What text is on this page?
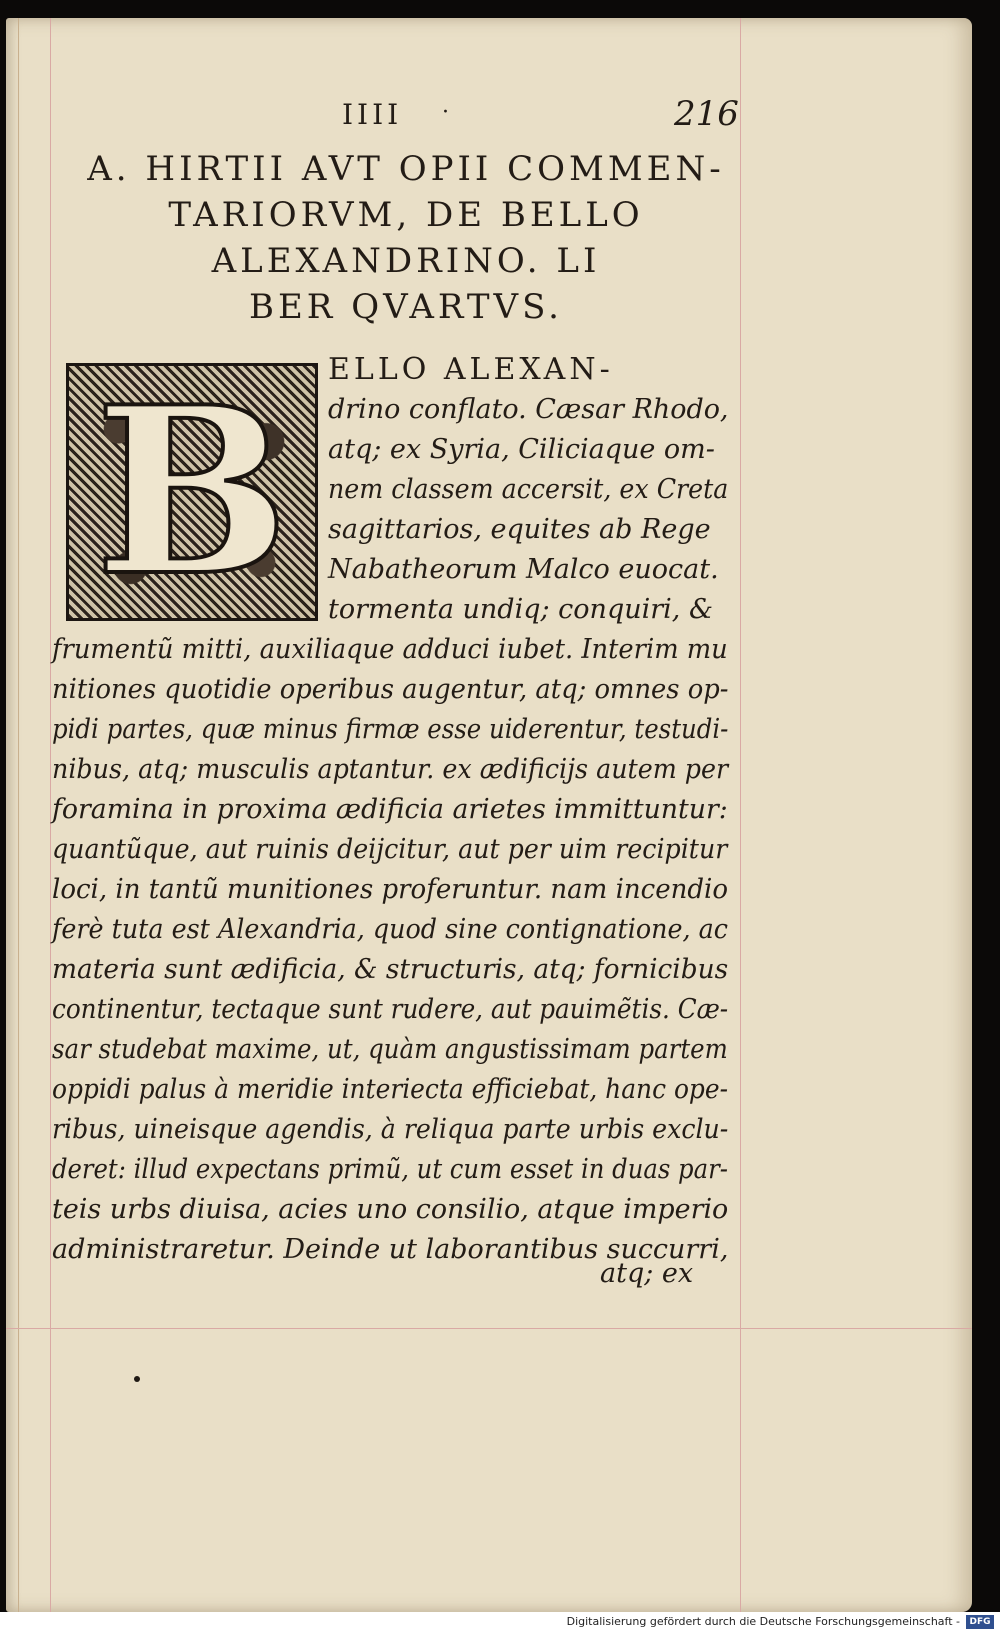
IIII ·	216
A. HIRTII AVT OPII COMMEN-
TARIORVM, DE BELLO
ALEXANDRINO. LI
BER QVARTVS.
B	ELLO ALEXAN-
drino conflato. Cæsar Rhodo,
atq; ex Syria, Ciliciaque om-
nem classem accersit, ex Creta
sagittarios, equites ab Rege
Nabatheorum Malco euocat.
tormenta undiq; conquiri, &
frumentũ mitti, auxiliaque adduci iubet. Interim mu
nitiones quotidie operibus augentur, atq; omnes op-
pidi partes, quæ minus firmæ esse uiderentur, testudi-
nibus, atq; musculis aptantur. ex ædificijs autem per
foramina in proxima ædificia arietes immittuntur:
quantũque, aut ruinis deijcitur, aut per uim recipitur
loci, in tantũ munitiones proferuntur. nam incendio
ferè tuta est Alexandria, quod sine contignatione, ac
materia sunt ædificia, & structuris, atq; fornicibus
continentur, tectaque sunt rudere, aut pauimẽtis. Cæ-
sar studebat maxime, ut, quàm angustissimam partem
oppidi palus à meridie interiecta efficiebat, hanc ope-
ribus, uineisque agendis, à reliqua parte urbis exclu-
deret: illud expectans primũ, ut cum esset in duas par-
teis urbs diuisa, acies uno consilio, atque imperio
administraretur. Deinde ut laborantibus succurri,
atq; ex
Digitalisierung gefördert durch die Deutsche Forschungsgemeinschaft -	DFG
